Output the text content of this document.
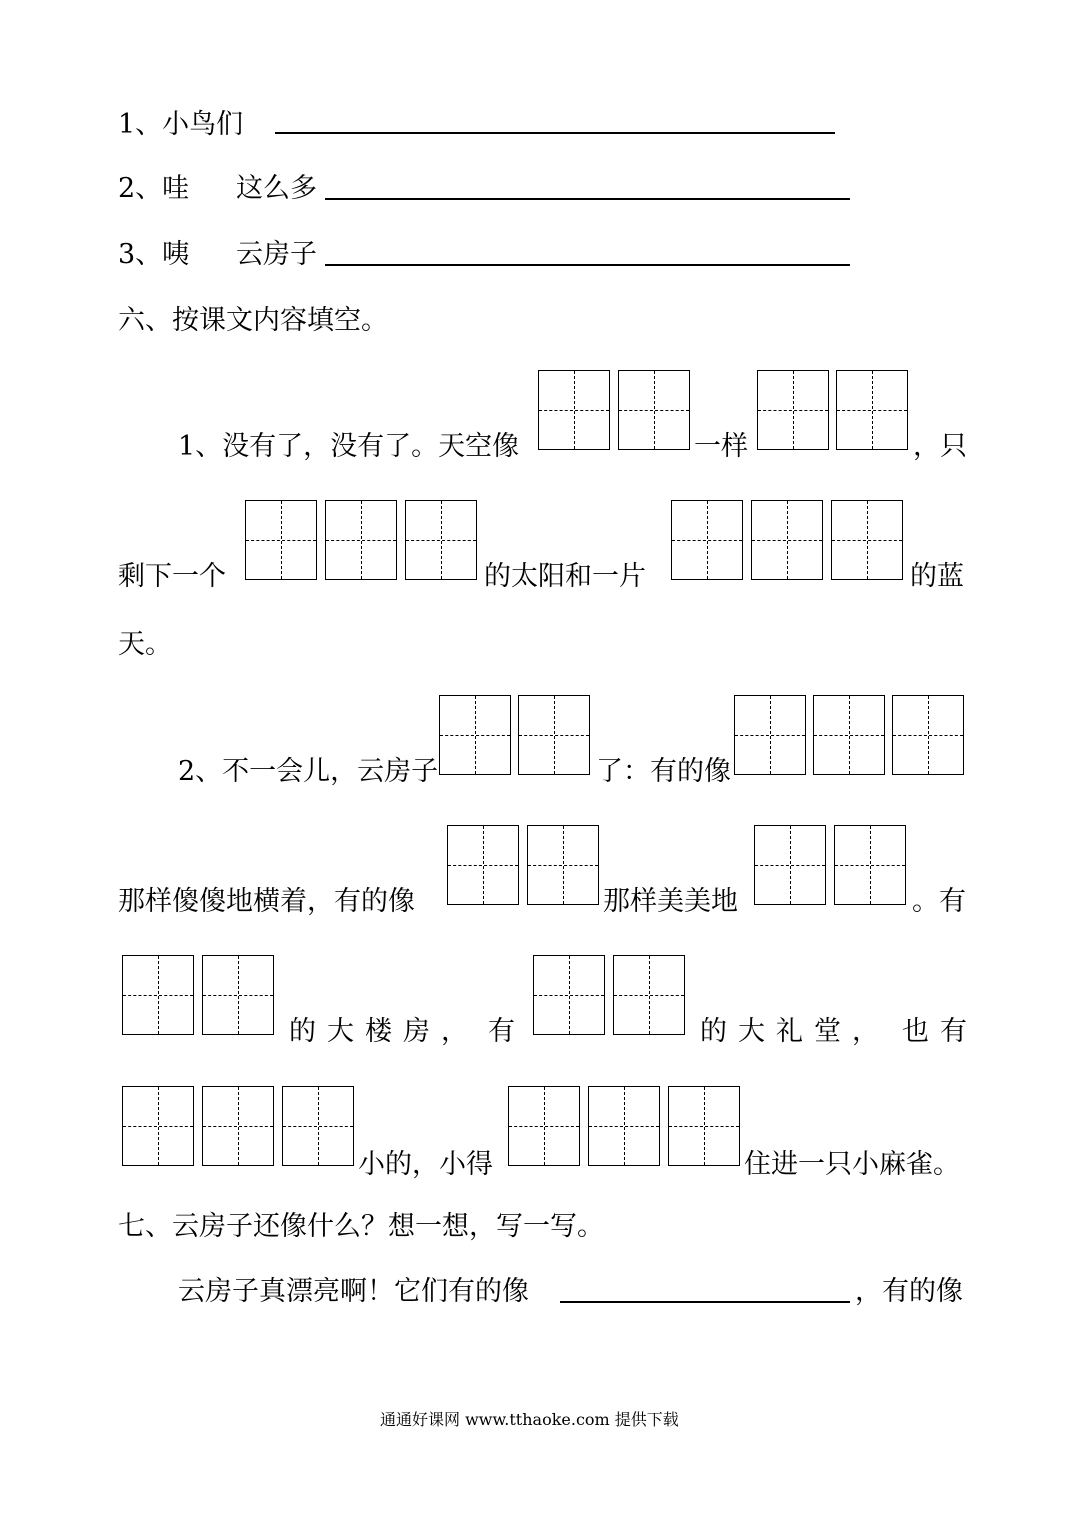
1、小鸟们
2、哇 这么多
3、咦 云房子
六、按课文内容填空。
1、没有了，没有了。天空像	一样	，只
剩下一个	的太阳和一片	的蓝
天。
2、不一会儿，云房子	了：有的像
那样傻傻地横着，有的像	那样美美地	。有
的大楼房， 有	的大礼堂， 也有
小的，小得	住进一只小麻雀。
七、云房子还像什么？想一想，写一写。
云房子真漂亮啊！它们有的像	，有的像
通通好课网 www.tthaoke.com 提供下载
